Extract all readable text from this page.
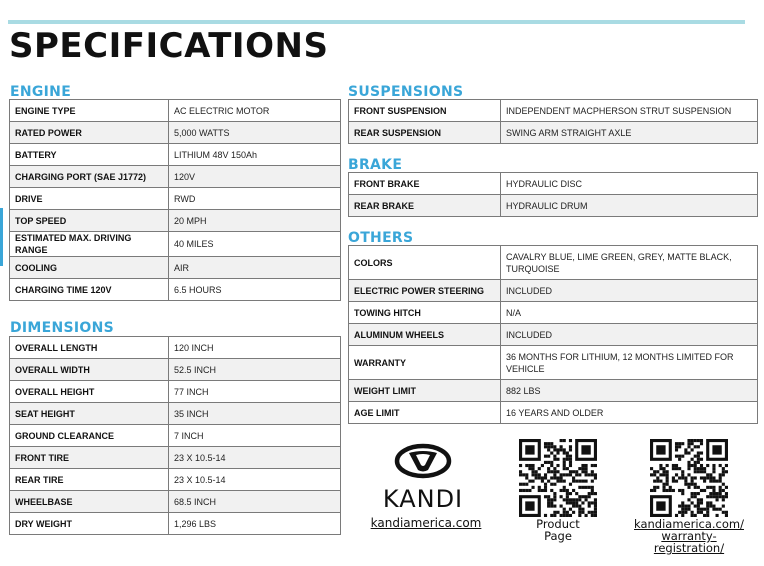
SPECIFICATIONS
ENGINE
ENGINE TYPE	AC ELECTRIC MOTOR
RATED POWER	5,000 WATTS
BATTERY	LITHIUM 48V 150Ah
CHARGING PORT (SAE J1772)	120V
DRIVE	RWD
TOP SPEED	20 MPH
ESTIMATED MAX. DRIVING RANGE	40 MILES
COOLING	AIR
CHARGING TIME 120V	6.5 HOURS
DIMENSIONS
OVERALL LENGTH	120 INCH
OVERALL WIDTH	52.5 INCH
OVERALL HEIGHT	77 INCH
SEAT HEIGHT	35 INCH
GROUND CLEARANCE	7 INCH
FRONT TIRE	23 X 10.5-14
REAR TIRE	23 X 10.5-14
WHEELBASE	68.5 INCH
DRY WEIGHT	1,296 LBS
SUSPENSIONS
FRONT SUSPENSION	INDEPENDENT MACPHERSON STRUT SUSPENSION
REAR SUSPENSION	SWING ARM STRAIGHT AXLE
BRAKE
FRONT BRAKE	HYDRAULIC DISC
REAR BRAKE	HYDRAULIC DRUM
OTHERS
COLORS	CAVALRY BLUE, LIME GREEN, GREY, MATTE BLACK, TURQUOISE
ELECTRIC POWER STEERING	INCLUDED
TOWING HITCH	N/A
ALUMINUM WHEELS	INCLUDED
WARRANTY	36 MONTHS FOR LITHIUM, 12 MONTHS LIMITED FOR VEHICLE
WEIGHT LIMIT	882 LBS
AGE LIMIT	16 YEARS AND OLDER
KANDI
kandiamerica.com	Product
Page
kandiamerica.com/
warranty-
registration/
